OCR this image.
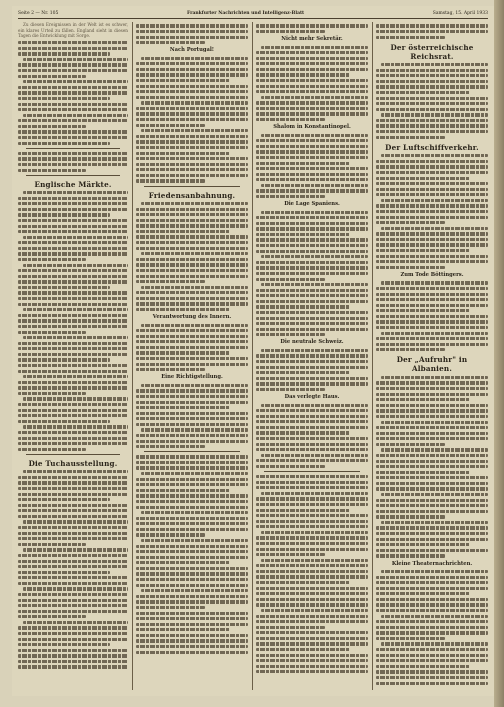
Seite 2 — Nr. 105	Frankfurter Nachrichten und Intelligenz-Blatt	Samstag, 15. April 1933

Zu diesen Ereignissen in der Welt ist es schwer, ein klares Urteil zu fällen. England sieht in diesen Tagen die Entwicklung mit Sorge.

Englische Märkte.
Die Tuchausstellung.
Nach Portugal!
Friedensanbahnung.
Verantwortung des Innern.
Eine Richtigstellung.
Nicht mehr Sekretär.
Shalom in Konstantinopel.
Die Lage Spaniens.
Die neutrale Schweiz.
Das verlegte Haus.
Der österreichische Reichsrat.
Der Luftschiffverkehr.
Zum Tode Böttingers.
Der „Aufruhr" in Albanien.
Kleine Theaternachrichten.
